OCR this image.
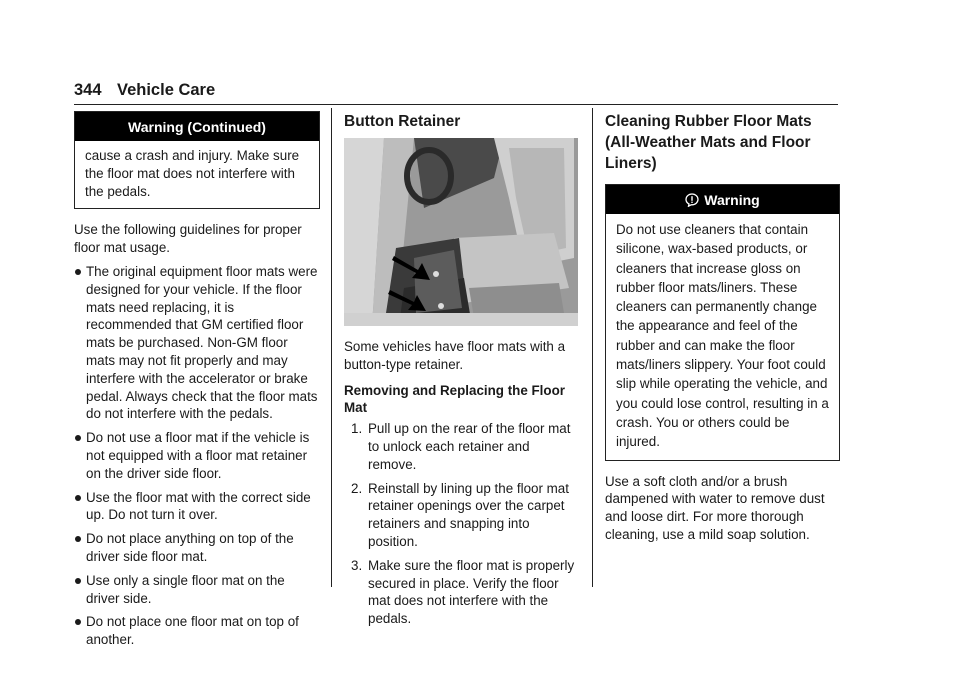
344 Vehicle Care
Warning (Continued)
cause a crash and injury. Make sure the floor mat does not interfere with the pedals.

Use the following guidelines for proper floor mat usage.

The original equipment floor mats were designed for your vehicle. If the floor mats need replacing, it is recommended that GM certified floor mats be purchased. Non-GM floor mats may not fit properly and may interfere with the accelerator or brake pedal. Always check that the floor mats do not interfere with the pedals.
Do not use a floor mat if the vehicle is not equipped with a floor mat retainer on the driver side floor.
Use the floor mat with the correct side up. Do not turn it over.
Do not place anything on top of the driver side floor mat.
Use only a single floor mat on the driver side.
Do not place one floor mat on top of another.
Button Retainer

Some vehicles have floor mats with a button-type retainer.

Removing and Replacing the Floor Mat
1. Pull up on the rear of the floor mat to unlock each retainer and remove.
2. Reinstall by lining up the floor mat retainer openings over the carpet retainers and snapping into position.
3. Make sure the floor mat is properly secured in place. Verify the floor mat does not interfere with the pedals.
Cleaning Rubber Floor Mats (All-Weather Mats and Floor Liners)
Warning
Do not use cleaners that contain silicone, wax-based products, or cleaners that increase gloss on rubber floor mats/liners. These cleaners can permanently change the appearance and feel of the rubber and can make the floor mats/liners slippery. Your foot could slip while operating the vehicle, and you could lose control, resulting in a crash. You or others could be injured.

Use a soft cloth and/or a brush dampened with water to remove dust and loose dirt. For more thorough cleaning, use a mild soap solution.
